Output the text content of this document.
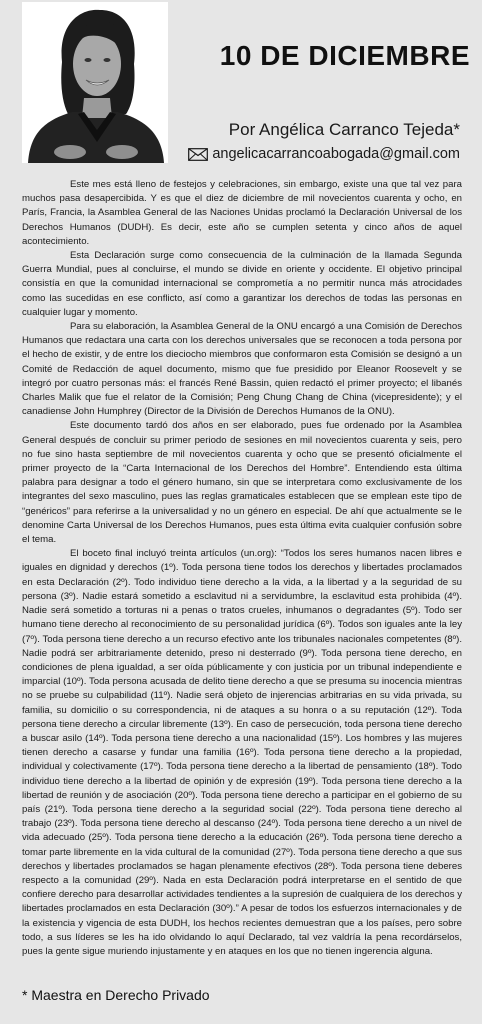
10 DE DICIEMBRE
Por Angélica Carranco Tejeda*
angelicacarrancoabogada@gmail.com

Este mes está lleno de festejos y celebraciones, sin embargo, existe una que tal vez para muchos pasa desapercibida. Y es que el diez de diciembre de mil novecientos cuarenta y ocho, en París, Francia, la Asamblea General de las Naciones Unidas proclamó la Declaración Universal de los Derechos Humanos (DUDH). Es decir, este año se cumplen setenta y cinco años de aquel acontecimiento.

Esta Declaración surge como consecuencia de la culminación de la llamada Segunda Guerra Mundial, pues al concluirse, el mundo se divide en oriente y occidente. El objetivo principal consistía en que la comunidad internacional se comprometía a no permitir nunca más atrocidades como las sucedidas en ese conflicto, así como a garantizar los derechos de todas las personas en cualquier lugar y momento.

Para su elaboración, la Asamblea General de la ONU encargó a una Comisión de Derechos Humanos que redactara una carta con los derechos universales que se reconocen a toda persona por el hecho de existir, y de entre los dieciocho miembros que conformaron esta Comisión se designó a un Comité de Redacción de aquel documento, mismo que fue presidido por Eleanor Roosevelt y se integró por cuatro personas más: el francés René Bassin, quien redactó el primer proyecto; el libanés Charles Malik que fue el relator de la Comisión; Peng Chung Chang de China (vicepresidente); y el canadiense John Humphrey (Director de la División de Derechos Humanos de la ONU).

Este documento tardó dos años en ser elaborado, pues fue ordenado por la Asamblea General después de concluir su primer periodo de sesiones en mil novecientos cuarenta y seis, pero no fue sino hasta septiembre de mil novecientos cuarenta y ocho que se presentó oficialmente el primer proyecto de la “Carta Internacional de los Derechos del Hombre”. Entendiendo esta última palabra para designar a todo el género humano, sin que se interpretara como exclusivamente de los integrantes del sexo masculino, pues las reglas gramaticales establecen que se emplean este tipo de “genéricos” para referirse a la universalidad y no un género en especial. De ahí que actualmente se le denomine Carta Universal de los Derechos Humanos, pues esta última evita cualquier confusión sobre el tema.

El boceto final incluyó treinta artículos (un.org): “Todos los seres humanos nacen libres e iguales en dignidad y derechos (1º). Toda persona tiene todos los derechos y libertades proclamados en esta Declaración (2º). Todo individuo tiene derecho a la vida, a la libertad y a la seguridad de su persona (3º). Nadie estará sometido a esclavitud ni a servidumbre, la esclavitud esta prohibida (4º). Nadie será sometido a torturas ni a penas o tratos crueles, inhumanos o degradantes (5º). Todo ser humano tiene derecho al reconocimiento de su personalidad jurídica (6º). Todos son iguales ante la ley (7º). Toda persona tiene derecho a un recurso efectivo ante los tribunales nacionales competentes (8º). Nadie podrá ser arbitrariamente detenido, preso ni desterrado (9º). Toda persona tiene derecho, en condiciones de plena igualdad, a ser oída públicamente y con justicia por un tribunal independiente e imparcial (10º). Toda persona acusada de delito tiene derecho a que se presuma su inocencia mientras no se pruebe su culpabilidad (11º). Nadie será objeto de injerencias arbitrarias en su vida privada, su familia, su domicilio o su correspondencia, ni de ataques a su honra o a su reputación (12º). Toda persona tiene derecho a circular libremente (13º). En caso de persecución, toda persona tiene derecho a buscar asilo (14º). Toda persona tiene derecho a una nacionalidad (15º). Los hombres y las mujeres tienen derecho a casarse y fundar una familia (16º). Toda persona tiene derecho a la propiedad, individual y colectivamente (17º). Toda persona tiene derecho a la libertad de pensamiento (18º). Todo individuo tiene derecho a la libertad de opinión y de expresión (19º). Toda persona tiene derecho a la libertad de reunión y de asociación (20º). Toda persona tiene derecho a participar en el gobierno de su país (21º). Toda persona tiene derecho a la seguridad social (22º). Toda persona tiene derecho al trabajo (23º). Toda persona tiene derecho al descanso (24º). Toda persona tiene derecho a un nivel de vida adecuado (25º). Toda persona tiene derecho a la educación (26º). Toda persona tiene derecho a tomar parte libremente en la vida cultural de la comunidad (27º). Toda persona tiene derecho a que sus derechos y libertades proclamados se hagan plenamente efectivos (28º). Toda persona tiene deberes respecto a la comunidad (29º). Nada en esta Declaración podrá interpretarse en el sentido de que confiere derecho para desarrollar actividades tendientes a la supresión de cualquiera de los derechos y libertades proclamados en esta Declaración (30º).” A pesar de todos los esfuerzos internacionales y de la existencia y vigencia de esta DUDH, los hechos recientes demuestran que a los países, pero sobre todo, a sus líderes se les ha ido olvidando lo aquí Declarado, tal vez valdría la pena recordárselos, pues la gente sigue muriendo injustamente y en ataques en los que no tienen ingerencia alguna.

* Maestra en Derecho Privado
